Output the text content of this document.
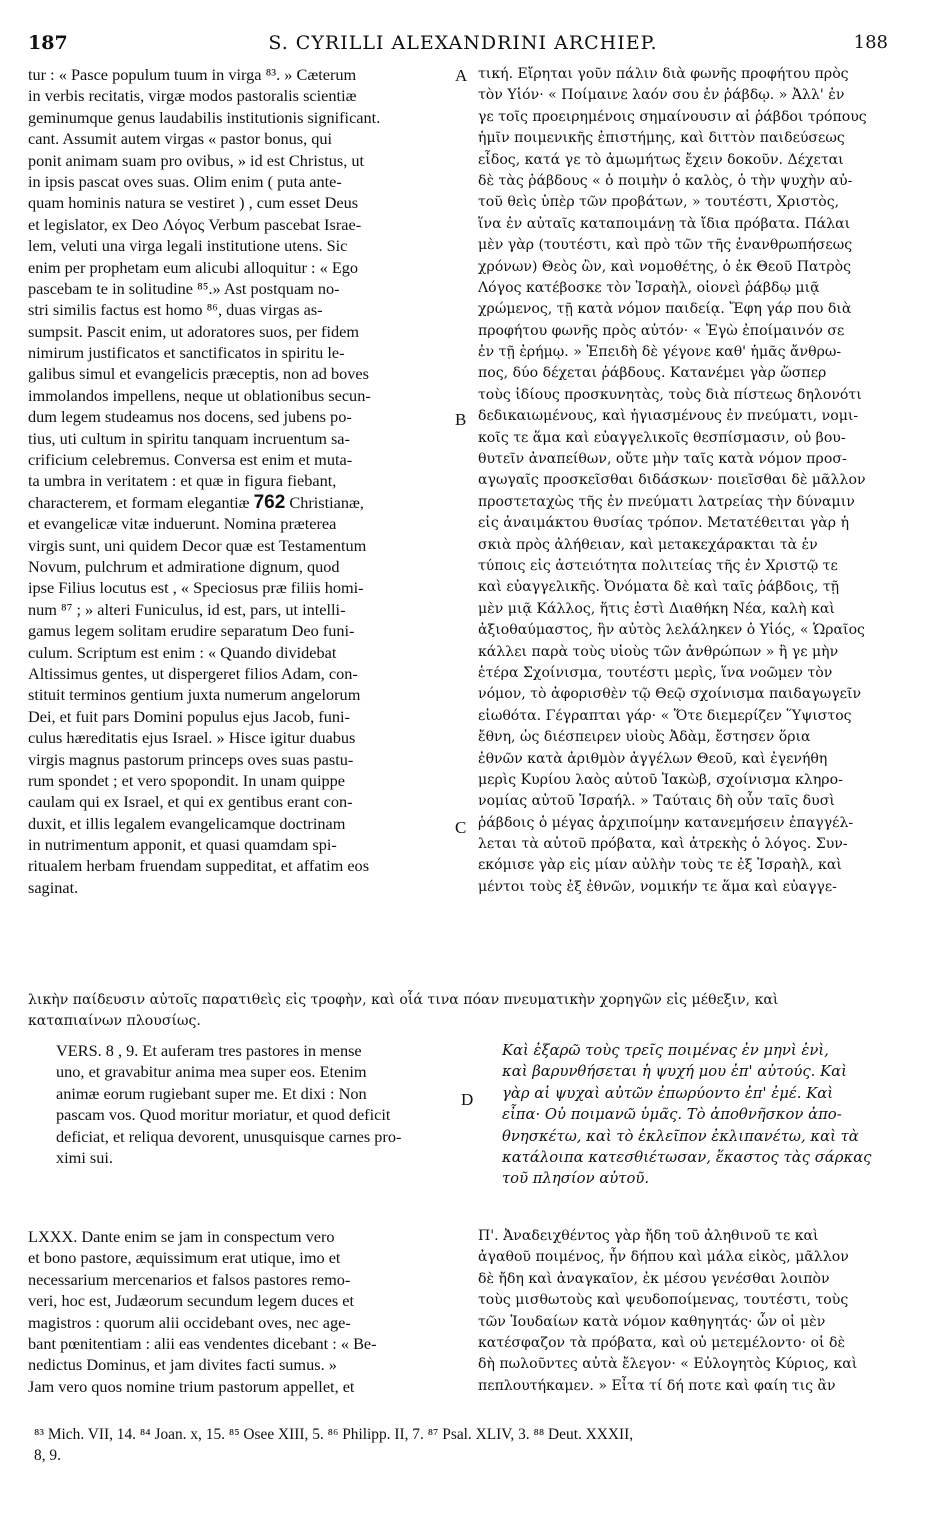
187	S. CYRILLI ALEXANDRINI ARCHIEP.	188
tur : « Pasce populum tuum in virga ⁸³. » Cæterum
in verbis recitatis, virgæ modos pastoralis scientiæ
geminumque genus laudabilis institutionis significant.
cant. Assumit autem virgas « pastor bonus, qui
ponit animam suam pro ovibus, » id est Christus, ut
in ipsis pascat oves suas. Olim enim ( puta ante-
quam hominis natura se vestiret ) , cum esset Deus
et legislator, ex Deo Λόγος Verbum pascebat Israe-
lem, veluti una virga legali institutione utens. Sic
enim per prophetam eum alicubi alloquitur : « Ego
pascebam te in solitudine ⁸⁵.» Ast postquam no-
stri similis factus est homo ⁸⁶, duas virgas as-
sumpsit. Pascit enim, ut adoratores suos, per fidem
nimirum justificatos et sanctificatos in spiritu le-
galibus simul et evangelicis præceptis, non ad boves
immolandos impellens, neque ut oblationibus secun-
dum legem studeamus nos docens, sed jubens po-
tius, uti cultum in spiritu tanquam incruentum sa-
crificium celebremus. Conversa est enim et muta-
ta umbra in veritatem : et quæ in figura fiebant,
characterem, et formam elegantiæ 762 Christianæ,
et evangelicæ vitæ induerunt. Nomina præterea
virgis sunt, uni quidem Decor quæ est Testamentum
Novum, pulchrum et admiratione dignum, quod
ipse Filius locutus est , « Speciosus præ filiis homi-
num ⁸⁷ ; » alteri Funiculus, id est, pars, ut intelli-
gamus legem solitam erudire separatum Deo funi-
culum. Scriptum est enim : « Quando dividebat
Altissimus gentes, ut dispergeret filios Adam, con-
stituit terminos gentium juxta numerum angelorum
Dei, et fuit pars Domini populus ejus Jacob, funi-
culus hæreditatis ejus Israel. » Hisce igitur duabus
virgis magnus pastorum princeps oves suas pastu-
rum spondet ; et vero spopondit. In unam quippe
caulam qui ex Israel, et qui ex gentibus erant con-
duxit, et illis legalem evangelicamque doctrinam
in nutrimentum apponit, et quasi quamdam spi-
ritualem herbam fruendam suppeditat, et affatim eos
saginat.
τική. Εἴρηται γοῦν πάλιν διὰ φωνῆς προφήτου πρὸς
τὸν Υἱόν· « Ποίμαινε λαόν σου ἐν ῥάβδῳ. » Ἀλλ' ἐν
γε τοῖς προειρημένοις σημαίνουσιν αἱ ῥάβδοι τρόπους
ἡμῖν ποιμενικῆς ἐπιστήμης, καὶ διττὸν παιδεύσεως
εἶδος, κατά γε τὸ ἀμωμήτως ἔχειν δοκοῦν. Δέχεται
δὲ τὰς ῥάβδους « ὁ ποιμὴν ὁ καλὸς, ὁ τὴν ψυχὴν αὐ-
τοῦ θεὶς ὑπὲρ τῶν προβάτων, » τουτέστι, Χριστὸς,
ἵνα ἐν αὐταῖς καταποιμάνῃ τὰ ἴδια πρόβατα. Πάλαι
μὲν γὰρ (τουτέστι, καὶ πρὸ τῶν τῆς ἐνανθρωπήσεως
χρόνων) Θεὸς ὢν, καὶ νομοθέτης, ὁ ἐκ Θεοῦ Πατρὸς
Λόγος κατέβοσκε τὸν Ἰσραὴλ, οἱονεὶ ῥάβδῳ μιᾷ
χρώμενος, τῇ κατὰ νόμον παιδείᾳ. Ἔφη γάρ που διὰ
προφήτου φωνῆς πρὸς αὐτόν· « Ἐγὼ ἐποίμαινόν σε
ἐν τῇ ἐρήμῳ. » Ἐπειδὴ δὲ γέγονε καθ' ἡμᾶς ἄνθρω-
πος, δύο δέχεται ῥάβδους. Κατανέμει γὰρ ὥσπερ
τοὺς ἰδίους προσκυνητὰς, τοὺς διὰ πίστεως δηλονότι
δεδικαιωμένους, καὶ ἡγιασμένους ἐν πνεύματι, νομι-
κοῖς τε ἅμα καὶ εὐαγγελικοῖς θεσπίσμασιν, οὐ βου-
θυτεῖν ἀναπείθων, οὔτε μὴν ταῖς κατὰ νόμον προσ-
αγωγαῖς προσκεῖσθαι διδάσκων· ποιεῖσθαι δὲ μᾶλλον
προστεταχὼς τῆς ἐν πνεύματι λατρείας τὴν δύναμιν
εἰς ἀναιμάκτου θυσίας τρόπον. Μετατέθειται γὰρ ἡ
σκιὰ πρὸς ἀλήθειαν, καὶ μετακεχάρακται τὰ ἐν
τύποις εἰς ἀστειότητα πολιτείας τῆς ἐν Χριστῷ τε
καὶ εὐαγγελικῆς. Ὀνόματα δὲ καὶ ταῖς ῥάβδοις, τῇ
μὲν μιᾷ Κάλλος, ἥτις ἐστὶ Διαθήκη Νέα, καλὴ καὶ
ἀξιοθαύμαστος, ἣν αὐτὸς λελάληκεν ὁ Υἱός, « Ὡραῖος
κάλλει παρὰ τοὺς υἱοὺς τῶν ἀνθρώπων » ἢ γε μὴν
ἑτέρα Σχοίνισμα, τουτέστι μερὶς, ἵνα νοῶμεν τὸν
νόμον, τὸ ἀφορισθὲν τῷ Θεῷ σχοίνισμα παιδαγωγεῖν
εἰωθότα. Γέγραπται γάρ· « Ὅτε διεμερίζεν Ὕψιστος
ἔθνη, ὡς διέσπειρεν υἱοὺς Ἀδὰμ, ἔστησεν ὅρια
ἐθνῶν κατὰ ἀριθμὸν ἀγγέλων Θεοῦ, καὶ ἐγενήθη
μερὶς Κυρίου λαὸς αὐτοῦ Ἰακὼβ, σχοίνισμα κληρο-
νομίας αὐτοῦ Ἰσραήλ. » Ταύταις δὴ οὖν ταῖς δυσὶ
ῥάβδοις ὁ μέγας ἀρχιποίμην κατανεμήσειν ἐπαγγέλ-
λεται τὰ αὐτοῦ πρόβατα, καὶ ἀτρεκὴς ὁ λόγος. Συν-
εκόμισε γὰρ εἰς μίαν αὐλὴν τοὺς τε ἐξ Ἰσραὴλ, καὶ
μέντοι τοὺς ἐξ ἐθνῶν, νομικήν τε ἅμα καὶ εὐαγγε-
A
B
C
D
λικὴν παίδευσιν αὐτοῖς παρατιθεὶς εἰς τροφὴν, καὶ οἷά τινα πόαν πνευματικὴν χορηγῶν εἰς μέθεξιν, καὶ
καταπιαίνων πλουσίως.
VERS. 8 , 9. Et auferam tres pastores in mense
uno, et gravabitur anima mea super eos. Etenim
animæ eorum rugiebant super me. Et dixi : Non
pascam vos. Quod moritur moriatur, et quod deficit
deficiat, et reliqua devorent, unusquisque carnes pro-
ximi sui.
Καὶ ἐξαρῶ τοὺς τρεῖς ποιμένας ἐν μηνὶ ἑνὶ,
καὶ βαρυνθήσεται ἡ ψυχή μου ἐπ' αὐτούς. Καὶ
γὰρ αἱ ψυχαὶ αὐτῶν ἐπωρύοντο ἐπ' ἐμέ. Καὶ
εἶπα· Οὐ ποιμανῶ ὑμᾶς. Τὸ ἀποθνῆσκον ἀπο-
θνησκέτω, καὶ τὸ ἐκλεῖπον ἐκλιπανέτω, καὶ τὰ
κατάλοιπα κατεσθιέτωσαν, ἕκαστος τὰς σάρκας
τοῦ πλησίον αὐτοῦ.
LXXX. Dante enim se jam in conspectum vero
et bono pastore, æquissimum erat utique, imo et
necessarium mercenarios et falsos pastores remo-
veri, hoc est, Judæorum secundum legem duces et
magistros : quorum alii occidebant oves, nec age-
bant pœnitentiam : alii eas vendentes dicebant : « Be-
nedictus Dominus, et jam divites facti sumus. »
Jam vero quos nomine trium pastorum appellet, et
Π'. Ἀναδειχθέντος γὰρ ἤδη τοῦ ἀληθινοῦ τε καὶ
ἀγαθοῦ ποιμένος, ἦν δήπου καὶ μάλα εἰκὸς, μᾶλλον
δὲ ἤδη καὶ ἀναγκαῖον, ἐκ μέσου γενέσθαι λοιπὸν
τοὺς μισθωτοὺς καὶ ψευδοποίμενας, τουτέστι, τοὺς
τῶν Ἰουδαίων κατὰ νόμον καθηγητάς· ὧν οἱ μὲν
κατέσφαζον τὰ πρόβατα, καὶ οὐ μετεμέλοντο· οἱ δὲ
δὴ πωλοῦντες αὐτὰ ἔλεγον· « Εὐλογητὸς Κύριος, καὶ
πεπλουτήκαμεν. » Εἶτα τί δή ποτε καὶ φαίη τις ἂν
⁸³ Mich. VII, 14. ⁸⁴ Joan. x, 15. ⁸⁵ Osee XIII, 5. ⁸⁶ Philipp. II, 7. ⁸⁷ Psal. XLIV, 3. ⁸⁸ Deut. XXXII,
8, 9.
